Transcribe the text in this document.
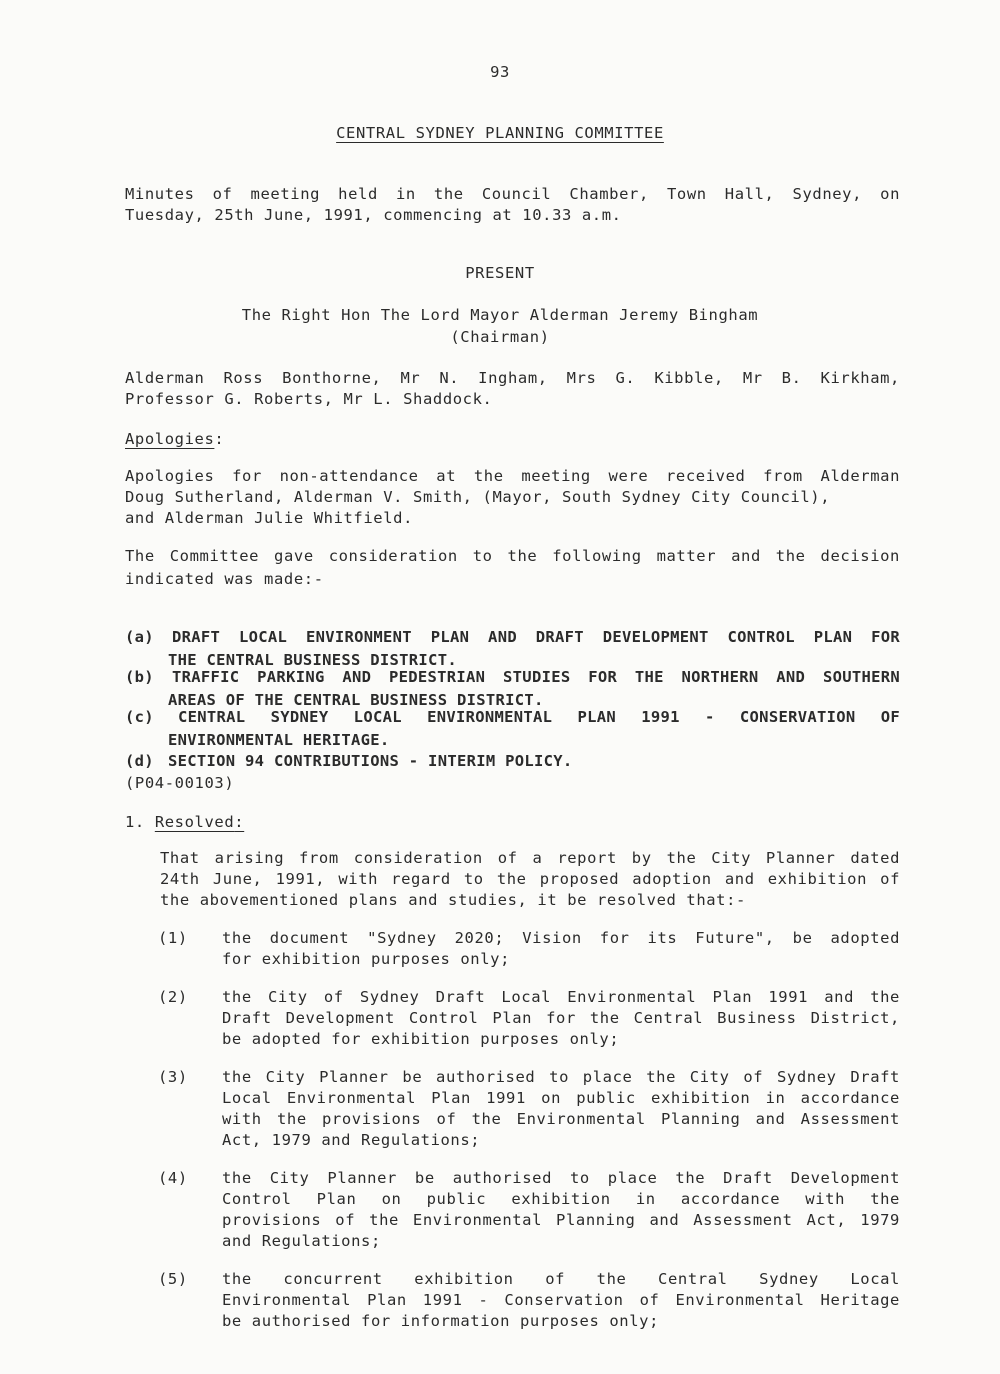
93
CENTRAL SYDNEY PLANNING COMMITTEE
Minutes of meeting held in the Council Chamber, Town Hall, Sydney, on
Tuesday, 25th June, 1991, commencing at 10.33 a.m.
PRESENT
The Right Hon The Lord Mayor Alderman Jeremy Bingham
(Chairman)
Alderman Ross Bonthorne, Mr N. Ingham, Mrs G. Kibble, Mr B. Kirkham,
Professor G. Roberts, Mr L. Shaddock.
Apologies:
Apologies for non-attendance at the meeting were received from Alderman
Doug Sutherland, Alderman V. Smith, (Mayor, South Sydney City Council),
and Alderman Julie Whitfield.
The Committee gave consideration to the following matter and the decision
indicated was made:-
(a) DRAFT LOCAL ENVIRONMENT PLAN AND DRAFT DEVELOPMENT CONTROL PLAN FOR
THE CENTRAL BUSINESS DISTRICT.
(b) TRAFFIC PARKING AND PEDESTRIAN STUDIES FOR THE NORTHERN AND SOUTHERN
AREAS OF THE CENTRAL BUSINESS DISTRICT.
(c) CENTRAL SYDNEY LOCAL ENVIRONMENTAL PLAN 1991 - CONSERVATION OF
ENVIRONMENTAL HERITAGE.
(d) SECTION 94 CONTRIBUTIONS - INTERIM POLICY.
(P04-00103)
1. Resolved:
That arising from consideration of a report by the City Planner dated
24th June, 1991, with regard to the proposed adoption and exhibition of
the abovementioned plans and studies, it be resolved that:-
(1) the document "Sydney 2020; Vision for its Future", be adopted
for exhibition purposes only;
(2) the City of Sydney Draft Local Environmental Plan 1991 and the
Draft Development Control Plan for the Central Business District,
be adopted for exhibition purposes only;
(3) the City Planner be authorised to place the City of Sydney Draft
Local Environmental Plan 1991 on public exhibition in accordance
with the provisions of the Environmental Planning and Assessment
Act, 1979 and Regulations;
(4) the City Planner be authorised to place the Draft Development
Control Plan on public exhibition in accordance with the
provisions of the Environmental Planning and Assessment Act, 1979
and Regulations;
(5) the concurrent exhibition of the Central Sydney Local
Environmental Plan 1991 - Conservation of Environmental Heritage
be authorised for information purposes only;
